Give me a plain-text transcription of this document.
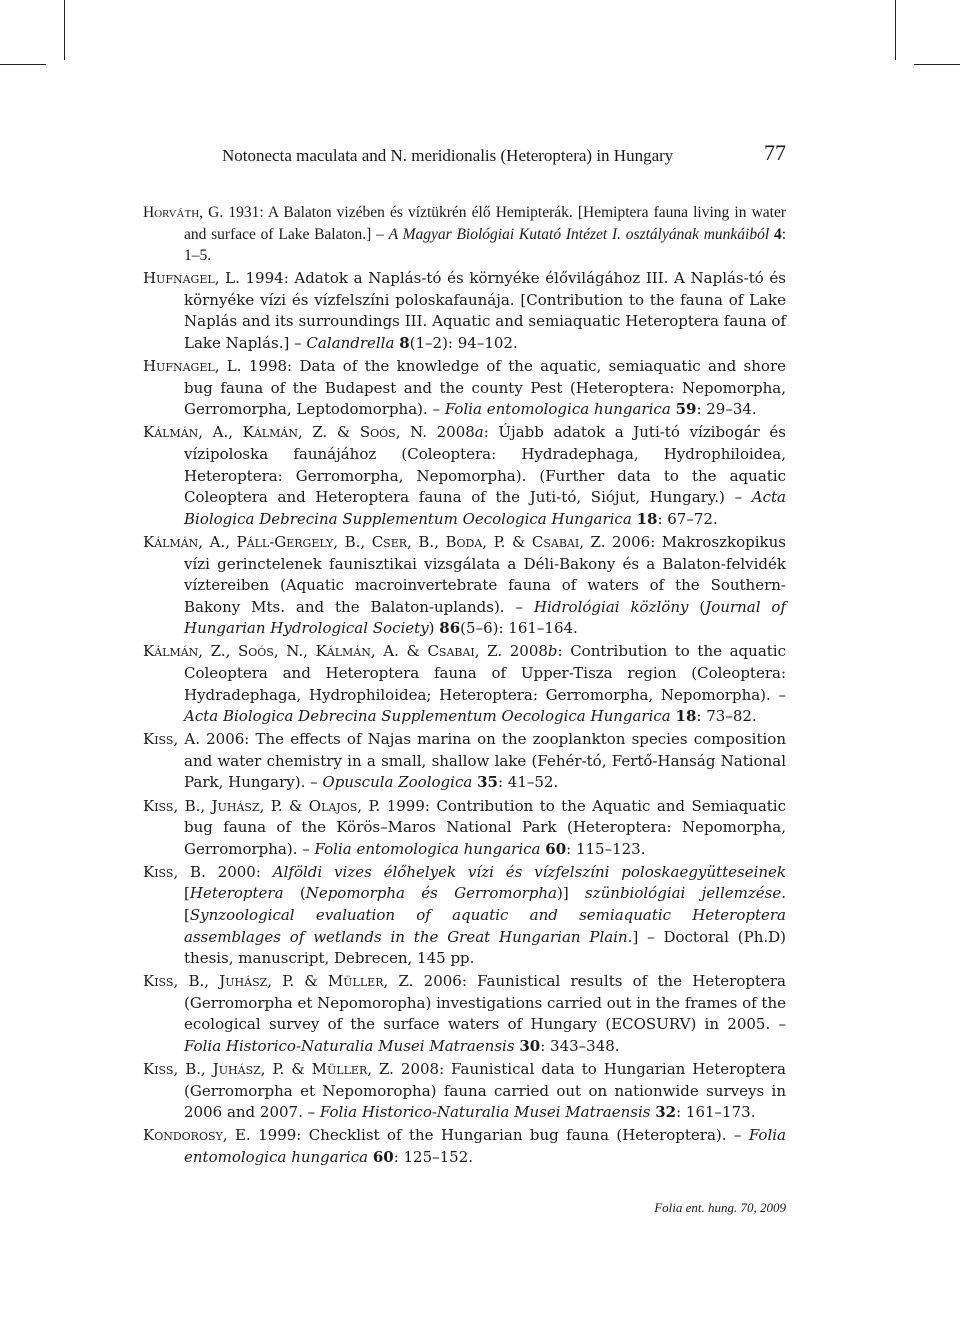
Notonecta maculata and N. meridionalis (Heteroptera) in Hungary	77

Horváth, G. 1931: A Balaton vizében és víztükrén élő Hemipterák. [Hemiptera fauna living in water and surface of Lake Balaton.] – A Magyar Biológiai Kutató Intézet I. osztályának munkáiból 4: 1–5.

Hufnagel, L. 1994: Adatok a Naplás-tó és környéke élővilágához III. A Naplás-tó és környéke vízi és vízfelszíni poloskafaunája. [Contribution to the fauna of Lake Naplás and its surroundings III. Aquatic and semiaquatic Heteroptera fauna of Lake Naplás.] – Calandrella 8(1–2): 94–102.

Hufnagel, L. 1998: Data of the knowledge of the aquatic, semiaquatic and shore bug fauna of the Budapest and the county Pest (Heteroptera: Nepomorpha, Gerromorpha, Leptodomorpha). – Folia entomologica hungarica 59: 29–34.

Kálmán, A., Kálmán, Z. & Soós, N. 2008a: Újabb adatok a Juti-tó vízibogár és vízipoloska faunájához (Coleoptera: Hydradephaga, Hydrophiloidea, Heteroptera: Gerromorpha, Nepomorpha). (Further data to the aquatic Coleoptera and Heteroptera fauna of the Juti-tó, Siójut, Hungary.) – Acta Biologica Debrecina Supplementum Oecologica Hungarica 18: 67–72.

Kálmán, A., Páll-Gergely, B., Cser, B., Boda, P. & Csabai, Z. 2006: Makroszkopikus vízi gerinctelenek faunisztikai vizsgálata a Déli-Bakony és a Balaton-felvidék víztereiben (Aquatic macroinvertebrate fauna of waters of the Southern-Bakony Mts. and the Balaton-uplands). – Hidrológiai közlöny (Journal of Hungarian Hydrological Society) 86(5–6): 161–164.

Kálmán, Z., Soós, N., Kálmán, A. & Csabai, Z. 2008b: Contribution to the aquatic Coleoptera and Heteroptera fauna of Upper-Tisza region (Coleoptera: Hydradephaga, Hydrophiloidea; Heteroptera: Gerromorpha, Nepomorpha). – Acta Biologica Debrecina Supplementum Oecologica Hungarica 18: 73–82.

Kiss, A. 2006: The effects of Najas marina on the zooplankton species composition and water chemistry in a small, shallow lake (Fehér-tó, Fertő-Hanság National Park, Hungary). – Opuscula Zoologica 35: 41–52.

Kiss, B., Juhász, P. & Olajos, P. 1999: Contribution to the Aquatic and Semiaquatic bug fauna of the Körös–Maros National Park (Heteroptera: Nepomorpha, Gerromorpha). – Folia entomologica hungarica 60: 115–123.

Kiss, B. 2000: Alföldi vizes élőhelyek vízi és vízfelszíni poloskaegyütteseinek [Heteroptera (Nepomorpha és Gerromorpha)] szünbiológiai jellemzése. [Synzoological evaluation of aquatic and semiaquatic Heteroptera assemblages of wetlands in the Great Hungarian Plain.] – Doctoral (Ph.D) thesis, manuscript, Debrecen, 145 pp.

Kiss, B., Juhász, P. & Müller, Z. 2006: Faunistical results of the Heteroptera (Gerromorpha et Nepomoropha) investigations carried out in the frames of the ecological survey of the surface waters of Hungary (ECOSURV) in 2005. – Folia Historico-Naturalia Musei Matraensis 30: 343–348.

Kiss, B., Juhász, P. & Müller, Z. 2008: Faunistical data to Hungarian Heteroptera (Gerromorpha et Nepomoropha) fauna carried out on nationwide surveys in 2006 and 2007. – Folia Historico-Naturalia Musei Matraensis 32: 161–173.

Kondorosy, E. 1999: Checklist of the Hungarian bug fauna (Heteroptera). – Folia entomologica hungarica 60: 125–152.

Folia ent. hung. 70, 2009
